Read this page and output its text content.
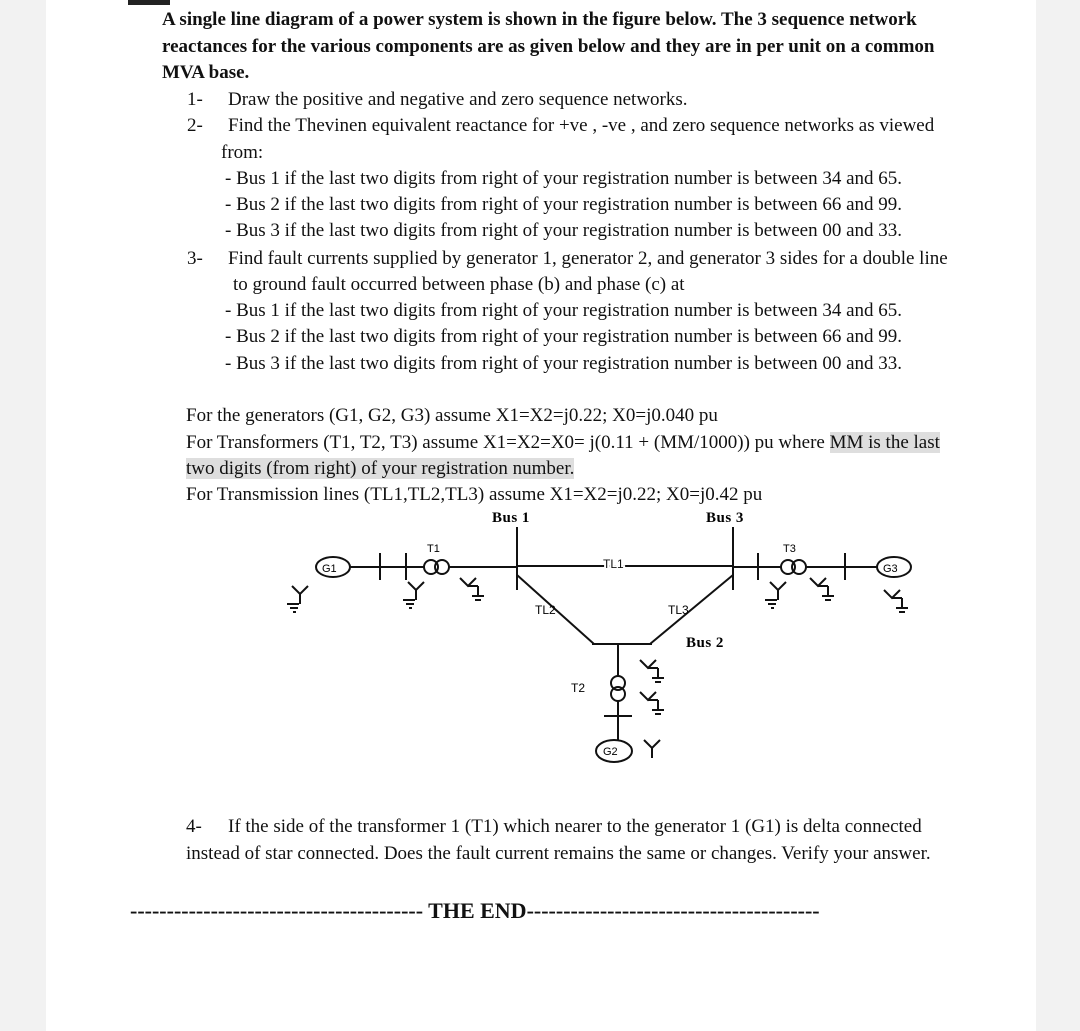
A single line diagram of a power system is shown in the figure below. The 3 sequence network
reactances for the various components are as given below and they are in per unit on a common
MVA base.
1- Draw the positive and negative and zero sequence networks.
2- Find the Thevinen equivalent reactance for +ve , -ve , and zero sequence networks as viewed
from:
- Bus 1 if the last two digits from right of your registration number is between 34 and 65.
- Bus 2 if the last two digits from right of your registration number is between 66 and 99.
- Bus 3 if the last two digits from right of your registration number is between 00 and 33.
3- Find fault currents supplied by generator 1, generator 2, and generator 3 sides for a double line
to ground fault occurred between phase (b) and phase (c) at
- Bus 1 if the last two digits from right of your registration number is between 34 and 65.
- Bus 2 if the last two digits from right of your registration number is between 66 and 99.
- Bus 3 if the last two digits from right of your registration number is between 00 and 33.
For the generators (G1, G2, G3) assume X1=X2=j0.22; X0=j0.040 pu
For Transformers (T1, T2, T3) assume X1=X2=X0= j(0.11 + (MM/1000)) pu where MM is the last
two digits (from right) of your registration number.
For Transmission lines (TL1,TL2,TL3) assume X1=X2=j0.22; X0=j0.42 pu
Bus 1	Bus 3
Bus 2
G1	G3
G2
T1	T3
T2
TL1
TL2	TL3
4- If the side of the transformer 1 (T1) which nearer to the generator 1 (G1) is delta connected
instead of star connected. Does the fault current remains the same or changes. Verify your answer.
---------------------------------------- THE END----------------------------------------
